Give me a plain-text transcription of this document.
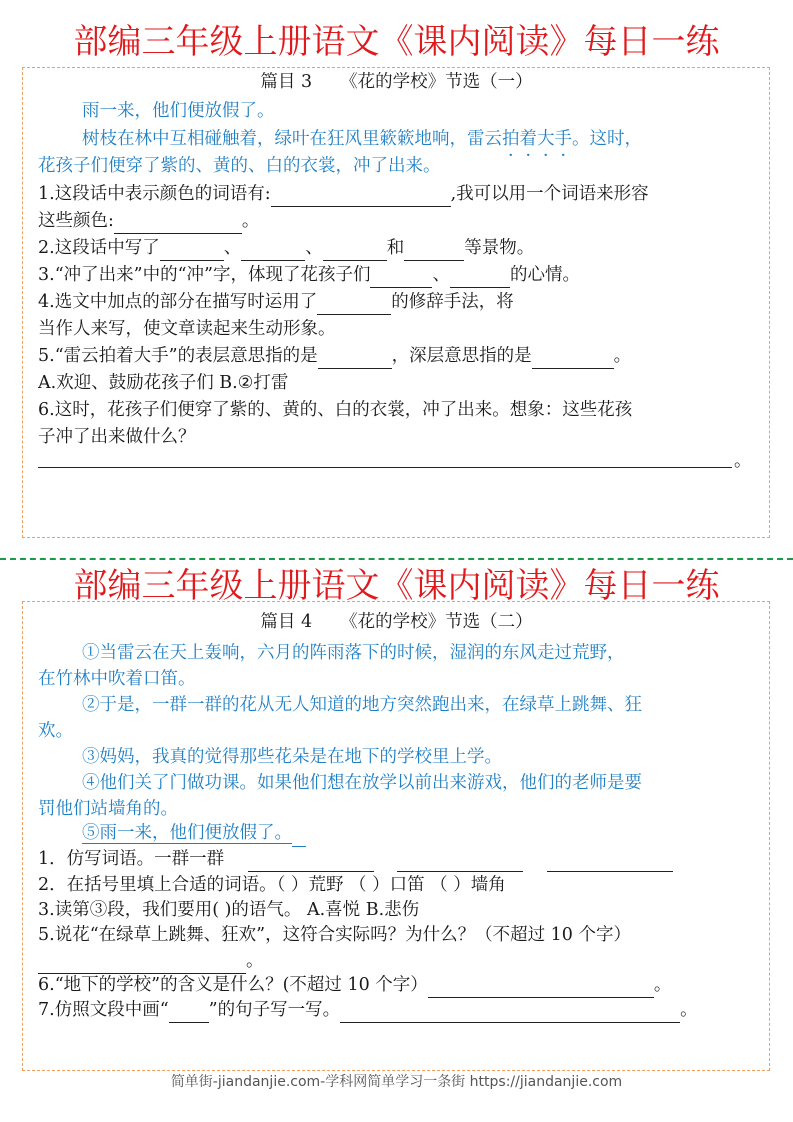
部编三年级上册语文《课内阅读》每日一练
篇目 3 《花的学校》节选（一）
雨一来，他们便放假了。
树枝在林中互相碰触着，绿叶在狂风里簌簌地响，雷云拍着大手。这时，
花孩子们便穿了紫的、黄的、白的衣裳，冲了出来。
1.这段话中表示颜色的词语有:	,我可以用一个词语来形容
这些颜色:	。
2.这段话中写了	、	、	和	等景物。
3.“冲了出来”中的“冲”字，体现了花孩子们	、	的心情。
4.选文中加点的部分在描写时运用了	的修辞手法，将
当作人来写，使文章读起来生动形象。
5.“雷云拍着大手”的表层意思指的是	，深层意思指的是	。
A.欢迎、鼓励花孩子们 B.②打雷
6.这时，花孩子们便穿了紫的、黄的、白的衣裳，冲了出来。想象：这些花孩
子冲了出来做什么？
。
部编三年级上册语文《课内阅读》每日一练
篇目 4 《花的学校》节选（二）
①当雷云在天上轰响，六月的阵雨落下的时候，湿润的东风走过荒野，
在竹林中吹着口笛。
②于是，一群一群的花从无人知道的地方突然跑出来，在绿草上跳舞、狂
欢。
③妈妈，我真的觉得那些花朵是在地下的学校里上学。
④他们关了门做功课。如果他们想在放学以前出来游戏，他们的老师是要
罚他们站墙角的。
⑤雨一来，他们便放假了。
1．仿写词语。一群一群
2．在括号里填上合适的词语。（ ）荒野 （ ）口笛 （ ）墙角
3.读第③段，我们要用( )的语气。 A.喜悦 B.悲伤
5.说花“在绿草上跳舞、狂欢”，这符合实际吗？为什么？（不超过 10 个字）
。
6.“地下的学校”的含义是什么？(不超过 10 个字）	。
7.仿照文段中画“ ”的句子写一写。	。
简单街-jiandanjie.com-学科网简单学习一条街 https://jiandanjie.com
